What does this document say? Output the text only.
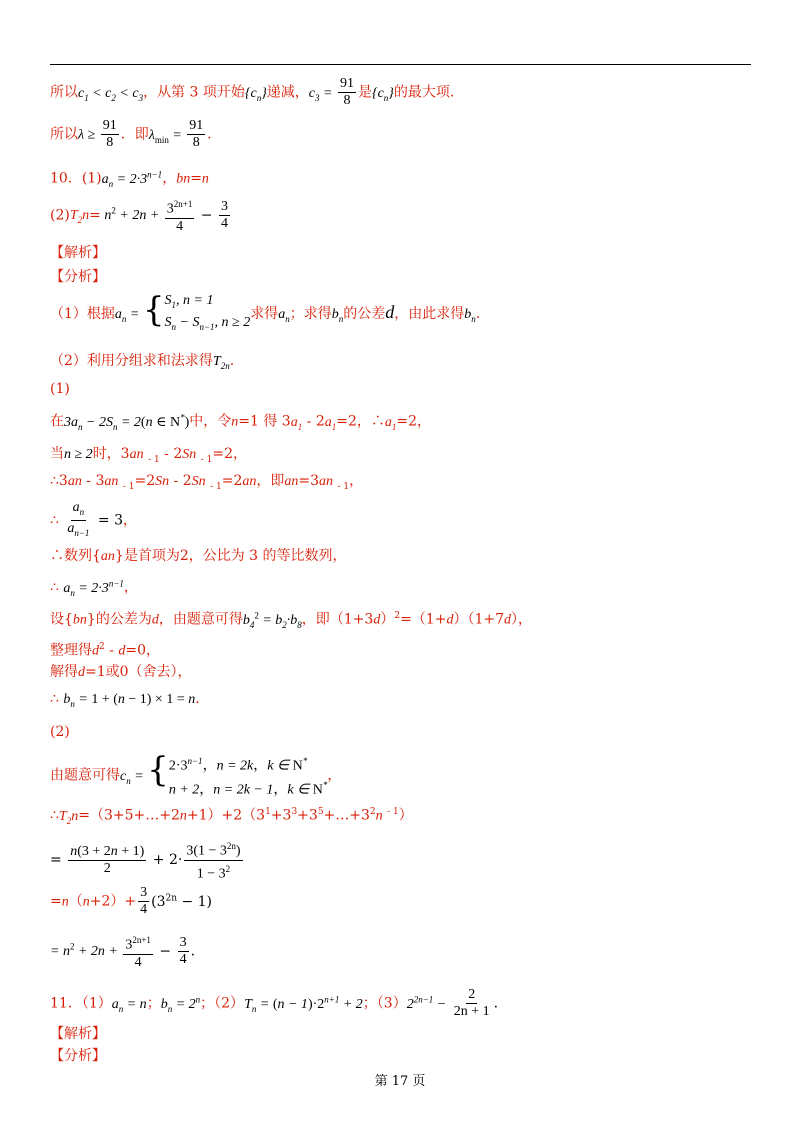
所以$c_1 < c_2 < c_3$，从第 3 项开始$\{c_n\}$递减，$c_3 = \frac{91}{8}$ 是$\{c_n\}$的最大项.
所以$\lambda \ge \frac{91}{8}$ ．即$\lambda_{min} = \frac{91}{8}$ ．
10．$(1)a_n = 2\cdot 3^{n-1}$，bn=n
$(2)T_2n= n^2 + 2n + \frac{3^{2n+1}}{4} - \frac{3}{4}$
【解析】
【分析】
（1）根据$a_n$ = { $S_1$, n = 1
$S_n - S_{n-1}$, n ≥ 2
求得$a_n$；求得$b_n$的公差d，由此求得$b_n$.
（2）利用分组求和法求得$T_{2n}$.
(1)
在$3a_n - 2S_n = 2(n$ ∈ N*)中，令n=1 得 $3a_1 - 2a_1=2$，$\therefore a_1=2$，
当n ≥ 2时，3an $_{- 1}$ - 2Sn $_{- 1}$=2，
∴3an - 3an $_{- 1}$=2Sn - 2Sn $_{- 1}$=2an，即an=3an $_{- 1}$，
∴ $\frac{a_n}{a_{n-1}} = 3$，
∴数列{an}是首项为2，公比为 3 的等比数列，
∴ $a_n = 2\cdot 3^{n-1}$，
设{bn}的公差为d，由题意可得$b_4^2 = b_2\cdot b_8$，即$(1+3d)^2=(1+d)(1+7d)$，
整理得$d^2 - d=0$，
解得d=1或0（舍去），
∴ $b_n = 1 + (n - 1) \times 1 = n$.
(2)
由题意可得$c_n$ = { $2\cdot 3^{n-1}$，n = 2k，k ∈ N*
n + 2，n = 2k − 1，k ∈ N*
，
$\therefore T_2n=(3+5+\dots+2n+1)+2(3^1+3^3+3^5+\dots+3^2n$ $^{- 1}$）
= $\frac{n(3 + 2n + 1)}{2} + 2\cdot \frac{3(1 - 3^{2n})}{1 - 3^2}$
$=n(n+2)+ \frac{3}{4} (3^{2n} - 1)$
= $n^2 + 2n + \frac{3^{2n+1}}{4} - \frac{3}{4}$ .
11．$(1)a_n = n$；$b_n = 2^n$；$(2)T_n = (n - 1)\cdot 2^{n+1} + 2$；$(3)2^{2n-1} - \frac{2}{2n + 1}$ .
【解析】
【分析】
第 17 页
